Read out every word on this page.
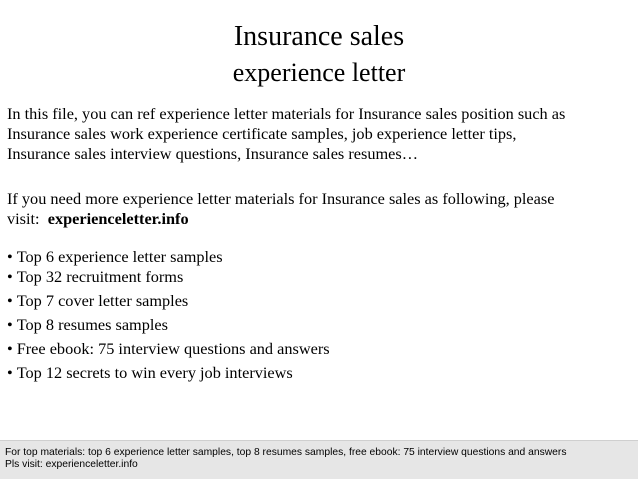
Insurance sales
experience letter
In this file, you can ref experience letter materials for Insurance sales position such as
Insurance sales work experience certificate samples, job experience letter tips,
Insurance sales interview questions, Insurance sales resumes…
If you need more experience letter materials for Insurance sales as following, please
visit: experienceletter.info
• Top 6 experience letter samples
• Top 32 recruitment forms
• Top 7 cover letter samples
• Top 8 resumes samples
• Free ebook: 75 interview questions and answers
• Top 12 secrets to win every job interviews
For top materials: top 6 experience letter samples, top 8 resumes samples, free ebook: 75 interview questions and answers
Pls visit: experienceletter.info
